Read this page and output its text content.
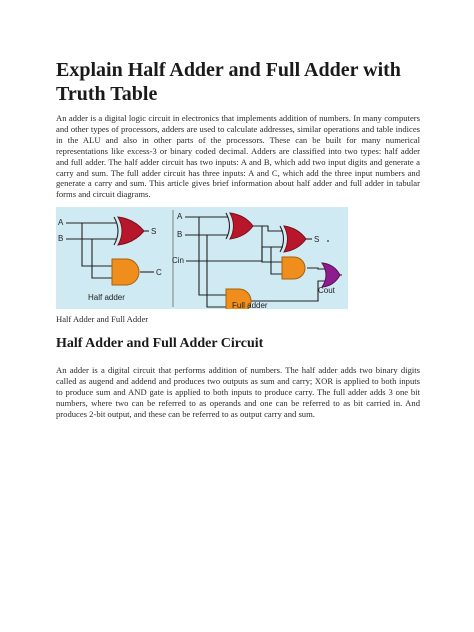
Explain Half Adder and Full Adder with Truth Table

An adder is a digital logic circuit in electronics that implements addition of numbers. In many computers and other types of processors, adders are used to calculate addresses, similar operations and table indices in the ALU and also in other parts of the processors. These can be built for many numerical representations like excess-3 or binary coded decimal. Adders are classified into two types: half adder and full adder. The half adder circuit has two inputs: A and B, which add two input digits and generate a carry and sum. The full adder circuit has three inputs: A and C, which add the three input numbers and generate a carry and sum. This article gives brief information about half adder and full adder in tabular forms and circuit diagrams.

A
B
S
C
Half adder
A
B
Cin
S
Cout
Full adder

Half Adder and Full Adder

Half Adder and Full Adder Circuit

An adder is a digital circuit that performs addition of numbers. The half adder adds two binary digits called as augend and addend and produces two outputs as sum and carry; XOR is applied to both inputs to produce sum and AND gate is applied to both inputs to produce carry. The full adder adds 3 one bit numbers, where two can be referred to as operands and one can be referred to as bit carried in. And produces 2-bit output, and these can be referred to as output carry and sum.
